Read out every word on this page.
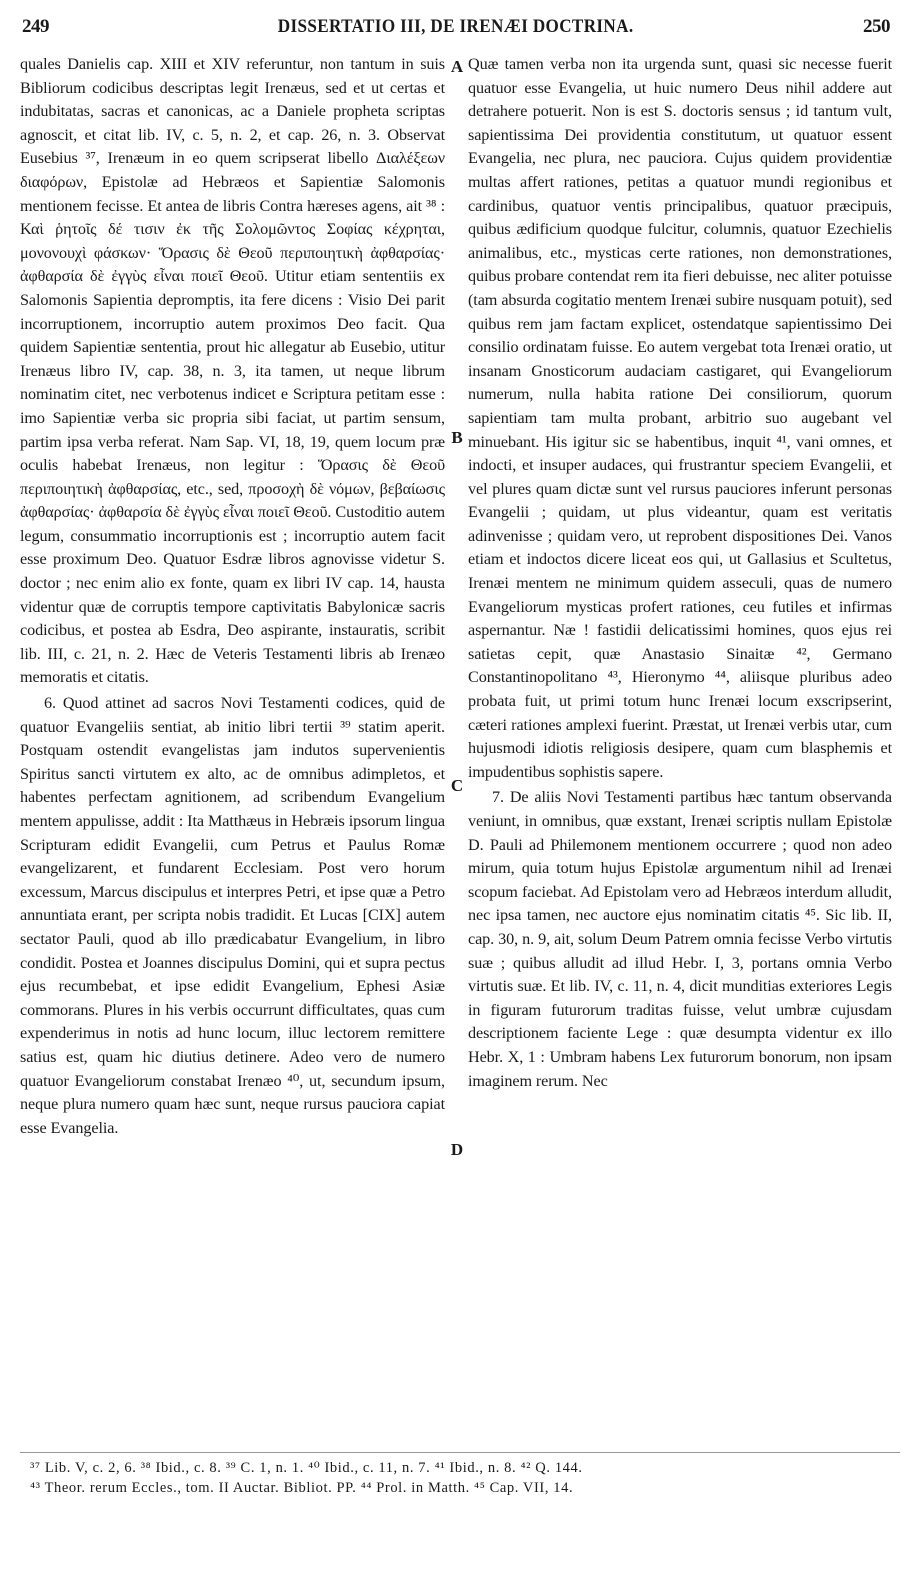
249	DISSERTATIO III, DE IRENÆI DOCTRINA.	250

quales Danielis cap. XIII et XIV referuntur, non tantum in suis Bibliorum codicibus descriptas legit Irenæus, sed et ut certas et indubitatas, sacras et canonicas, ac a Daniele propheta scriptas agnoscit, et citat lib. IV, c. 5, n. 2, et cap. 26, n. 3. Observat Eusebius ³⁷, Irenæum in eo quem scripserat libello Διαλέξεων διαφόρων, Epistolæ ad Hebræos et Sapientiæ Salomonis mentionem fecisse. Et antea de libris Contra hæreses agens, ait ³⁸ : Καὶ ῥητοῖς δέ τισιν ἐκ τῆς Σολομῶντος Σοφίας κέχρηται, μονονουχὶ φάσκων· Ὅρασις δὲ Θεοῦ περιποιητικὴ ἀφθαρσίας· ἀφθαρσία δὲ ἐγγὺς εἶναι ποιεῖ Θεοῦ. Utitur etiam sententiis ex Salomonis Sapientia depromptis, ita fere dicens : Visio Dei parit incorruptionem, incorruptio autem proximos Deo facit. Qua quidem Sapientiæ sententia, prout hic allegatur ab Eusebio, utitur Irenæus libro IV, cap. 38, n. 3, ita tamen, ut neque librum nominatim citet, nec verbotenus indicet e Scriptura petitam esse : imo Sapientiæ verba sic propria sibi faciat, ut partim sensum, partim ipsa verba referat. Nam Sap. VI, 18, 19, quem locum præ oculis habebat Irenæus, non legitur : Ὅρασις δὲ Θεοῦ περιποιητικὴ ἀφθαρσίας, etc., sed, προσοχὴ δὲ νόμων, βεβαίωσις ἀφθαρσίας· ἀφθαρσία δὲ ἐγγὺς εἶναι ποιεῖ Θεοῦ. Custoditio autem legum, consummatio incorruptionis est ; incorruptio autem facit esse proximum Deo. Quatuor Esdræ libros agnovisse videtur S. doctor ; nec enim alio ex fonte, quam ex libri IV cap. 14, hausta videntur quæ de corruptis tempore captivitatis Babylonicæ sacris codicibus, et postea ab Esdra, Deo aspirante, instauratis, scribit lib. III, c. 21, n. 2. Hæc de Veteris Testamenti libris ab Irenæo memoratis et citatis.

6. Quod attinet ad sacros Novi Testamenti codices, quid de quatuor Evangeliis sentiat, ab initio libri tertii ³⁹ statim aperit. Postquam ostendit evangelistas jam indutos supervenientis Spiritus sancti virtutem ex alto, ac de omnibus adimpletos, et habentes perfectam agnitionem, ad scribendum Evangelium mentem appulisse, addit : Ita Matthæus in Hebræis ipsorum lingua Scripturam edidit Evangelii, cum Petrus et Paulus Romæ evangelizarent, et fundarent Ecclesiam. Post vero horum excessum, Marcus discipulus et interpres Petri, et ipse quæ a Petro annuntiata erant, per scripta nobis tradidit. Et Lucas [CIX] autem sectator Pauli, quod ab illo prædicabatur Evangelium, in libro condidit. Postea et Joannes discipulus Domini, qui et supra pectus ejus recumbebat, et ipse edidit Evangelium, Ephesi Asiæ commorans. Plures in his verbis occurrunt difficultates, quas cum expenderimus in notis ad hunc locum, illuc lectorem remittere satius est, quam hic diutius detinere. Adeo vero de numero quatuor Evangeliorum constabat Irenæo ⁴⁰, ut, secundum ipsum, neque plura numero quam hæc sunt, neque rursus pauciora capiat esse Evangelia.

Quæ tamen verba non ita urgenda sunt, quasi sic necesse fuerit quatuor esse Evangelia, ut huic numero Deus nihil addere aut detrahere potuerit. Non is est S. doctoris sensus ; id tantum vult, sapientissima Dei providentia constitutum, ut quatuor essent Evangelia, nec plura, nec pauciora. Cujus quidem providentiæ multas affert rationes, petitas a quatuor mundi regionibus et cardinibus, quatuor ventis principalibus, quatuor præcipuis, quibus ædificium quodque fulcitur, columnis, quatuor Ezechielis animalibus, etc., mysticas certe rationes, non demonstrationes, quibus probare contendat rem ita fieri debuisse, nec aliter potuisse (tam absurda cogitatio mentem Irenæi subire nusquam potuit), sed quibus rem jam factam explicet, ostendatque sapientissimo Dei consilio ordinatam fuisse. Eo autem vergebat tota Irenæi oratio, ut insanam Gnosticorum audaciam castigaret, qui Evangeliorum numerum, nulla habita ratione Dei consiliorum, quorum sapientiam tam multa probant, arbitrio suo augebant vel minuebant. His igitur sic se habentibus, inquit ⁴¹, vani omnes, et indocti, et insuper audaces, qui frustrantur speciem Evangelii, et vel plures quam dictæ sunt vel rursus pauciores inferunt personas Evangelii ; quidam, ut plus videantur, quam est veritatis adinvenisse ; quidam vero, ut reprobent dispositiones Dei. Vanos etiam et indoctos dicere liceat eos qui, ut Gallasius et Scultetus, Irenæi mentem ne minimum quidem asseculi, quas de numero Evangeliorum mysticas profert rationes, ceu futiles et infirmas aspernantur. Næ ! fastidii delicatissimi homines, quos ejus rei satietas cepit, quæ Anastasio Sinaitæ ⁴², Germano Constantinopolitano ⁴³, Hieronymo ⁴⁴, aliisque pluribus adeo probata fuit, ut primi totum hunc Irenæi locum exscripserint, cæteri rationes amplexi fuerint. Præstat, ut Irenæi verbis utar, cum hujusmodi idiotis religiosis desipere, quam cum blasphemis et impudentibus sophistis sapere.

7. De aliis Novi Testamenti partibus hæc tantum observanda veniunt, in omnibus, quæ exstant, Irenæi scriptis nullam Epistolæ D. Pauli ad Philemonem mentionem occurrere ; quod non adeo mirum, quia totum hujus Epistolæ argumentum nihil ad Irenæi scopum faciebat. Ad Epistolam vero ad Hebræos interdum alludit, nec ipsa tamen, nec auctore ejus nominatim citatis ⁴⁵. Sic lib. II, cap. 30, n. 9, ait, solum Deum Patrem omnia fecisse Verbo virtutis suæ ; quibus alludit ad illud Hebr. I, 3, portans omnia Verbo virtutis suæ. Et lib. IV, c. 11, n. 4, dicit munditias exteriores Legis in figuram futurorum traditas fuisse, velut umbræ cujusdam descriptionem faciente Lege : quæ desumpta videntur ex illo Hebr. X, 1 : Umbram habens Lex futurorum bonorum, non ipsam imaginem rerum. Nec

A
B
C
D
³⁷ Lib. V, c. 2, 6. ³⁸ Ibid., c. 8. ³⁹ C. 1, n. 1. ⁴⁰ Ibid., c. 11, n. 7. ⁴¹ Ibid., n. 8. ⁴² Q. 144.
⁴³ Theor. rerum Eccles., tom. II Auctar. Bibliot. PP. ⁴⁴ Prol. in Matth. ⁴⁵ Cap. VII, 14.
